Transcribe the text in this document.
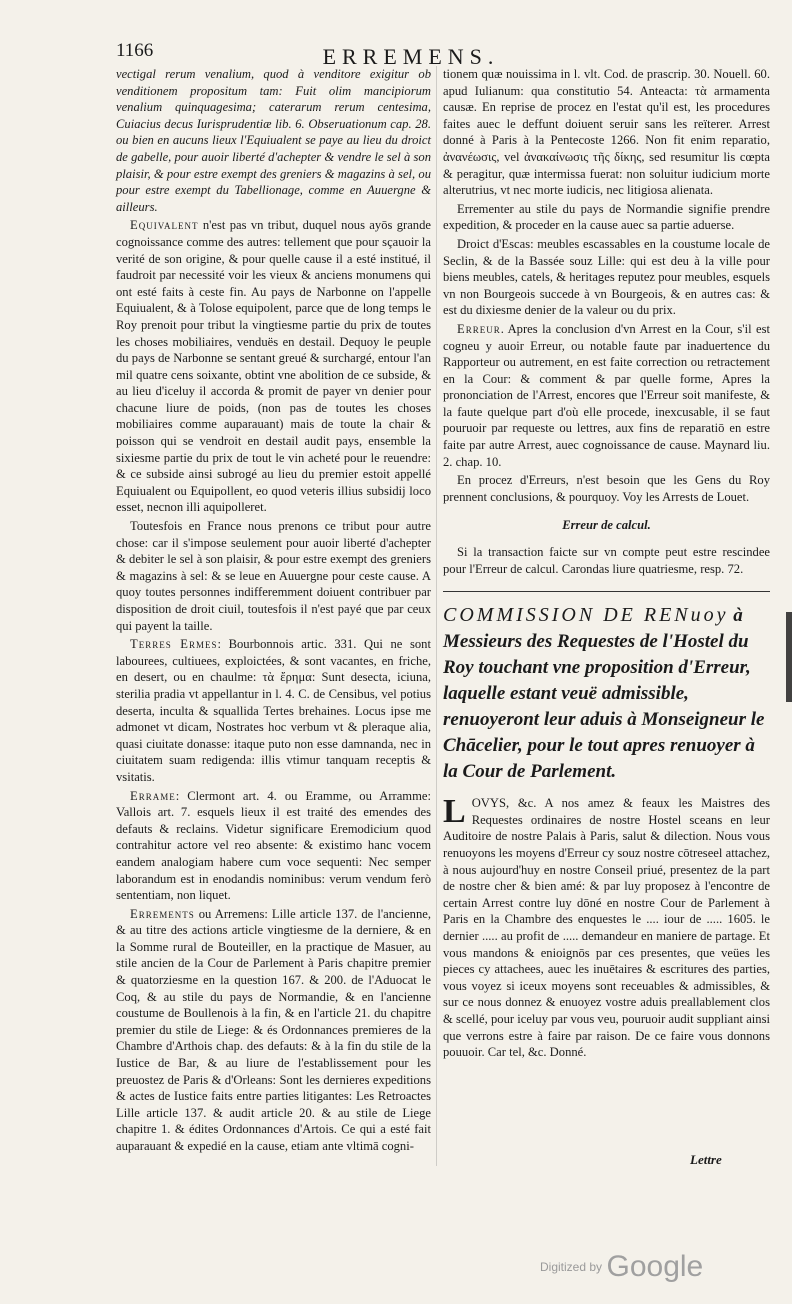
1166	ERREMENS.

vectigal rerum venalium, quod à venditore exigitur ob venditionem propositum tam: Fuit olim mancipiorum venalium quinquagesima; caterarum rerum centesima, Cuiacius decus Iurisprudentiæ lib. 6. Obseruationum cap. 28. ou bien en aucuns lieux l'Equiualent se paye au lieu du droict de gabelle, pour auoir liberté d'achepter & vendre le sel à son plaisir, & pour estre exempt des greniers & magazins à sel, ou pour estre exempt du Tabellionage, comme en Auuergne & ailleurs.

Equivalent n'est pas vn tribut, duquel nous ayōs grande cognoissance comme des autres: tellement que pour sçauoir la verité de son origine, & pour quelle cause il a esté institué, il faudroit par necessité voir les vieux & anciens monumens qui ont esté faits à ceste fin. Au pays de Narbonne on l'appelle Equiualent, & à Tolose equipolent, parce que de long temps le Roy prenoit pour tribut la vingtiesme partie du prix de toutes les choses mobiliaires, venduës en destail. Dequoy le peuple du pays de Narbonne se sentant greué & surchargé, entour l'an mil quatre cens soixante, obtint vne abolition de ce subside, & au lieu d'iceluy il accorda & promit de payer vn denier pour chacune liure de poids, (non pas de toutes les choses mobiliaires comme auparauant) mais de toute la chair & poisson qui se vendroit en destail audit pays, ensemble la sixiesme partie du prix de tout le vin acheté pour le reuendre: & ce subside ainsi subrogé au lieu du premier estoit appellé Equiualent ou Equipollent, eo quod veteris illius subsidij loco esset, necnon illi aquipolleret.

Toutesfois en France nous prenons ce tribut pour autre chose: car il s'impose seulement pour auoir liberté d'achepter & debiter le sel à son plaisir, & pour estre exempt des greniers & magazins à sel: & se leue en Auuergne pour ceste cause. A quoy toutes personnes indifferemment doiuent contribuer par disposition de droit ciuil, toutesfois il n'est payé que par ceux qui payent la taille.

Terres Ermes: Bourbonnois artic. 331. Qui ne sont labourees, cultiuees, exploictées, & sont vacantes, en friche, en desert, ou en chaulme: τὰ ἔρημα: Sunt desecta, iciuna, sterilia pradia vt appellantur in l. 4. C. de Censibus, vel potius deserta, inculta & squallida Tertes brehaines. Locus ipse me admonet vt dicam, Nostrates hoc verbum vt & pleraque alia, quasi ciuitate donasse: itaque puto non esse damnanda, nec in ciuitatem suam redigenda: illis vtimur tanquam receptis & vsitatis.

Errame: Clermont art. 4. ou Eramme, ou Arramme: Vallois art. 7. esquels lieux il est traité des emendes des defauts & reclains. Videtur significare Eremodicium quod contrahitur actore vel reo absente: & existimo hanc vocem eandem analogiam habere cum voce sequenti: Nec semper laborandum est in enodandis nominibus: verum vendum ferò sententiam, non liquet.

Errements ou Arremens: Lille article 137. de l'ancienne, & au titre des actions article vingtiesme de la derniere, & en la Somme rural de Bouteiller, en la practique de Masuer, au stile ancien de la Cour de Parlement à Paris chapitre premier & quatorziesme en la question 167. & 200. de l'Aduocat le Coq, & au stile du pays de Normandie, & en l'ancienne coustume de Boullenois à la fin, & en l'article 21. du chapitre premier du stile de Liege: & és Ordonnances premieres de la Chambre d'Arthois chap. des defauts: & à la fin du stile de la Iustice de Bar, & au liure de l'establissement pour les preuostez de Paris & d'Orleans: Sont les dernieres expeditions & actes de Iustice faits entre parties litigantes: Les Retroactes Lille article 137. & audit article 20. & au stile de Liege chapitre 1. & édites Ordonnances d'Artois. Ce qui a esté fait auparauant & expedié en la cause, etiam ante vltimā cogni-

tionem quæ nouissima in l. vlt. Cod. de prascrip. 30. Nouell. 60. apud Iulianum: qua constitutio 54. Anteacta: τὰ armamenta causæ. En reprise de procez en l'estat qu'il est, les procedures faites auec le deffunt doiuent seruir sans les reïterer. Arrest donné à Paris à la Pentecoste 1266. Non fit enim reparatio, ἀνανέωσις, vel ἀνακαίνωσις τῆς δίκης, sed resumitur lis cœpta & peragitur, quæ intermissa fuerat: non soluitur iudicium morte alterutrius, vt nec morte iudicis, nec litigiosa alienata.

Errementer au stile du pays de Normandie signifie prendre expedition, & proceder en la cause auec sa partie aduerse.

Droict d'Escas: meubles escassables en la coustume locale de Seclin, & de la Bassée souz Lille: qui est deu à la ville pour biens meubles, catels, & heritages reputez pour meubles, esquels vn non Bourgeois succede à vn Bourgeois, & en autres cas: & est du dixiesme denier de la valeur ou du prix.

Erreur. Apres la conclusion d'vn Arrest en la Cour, s'il est cogneu y auoir Erreur, ou notable faute par inaduertence du Rapporteur ou autrement, en est faite correction ou retractement en la Cour: & comment & par quelle forme, Apres la prononciation de l'Arrest, encores que l'Erreur soit manifeste, & la faute quelque part d'où elle procede, inexcusable, il se faut pouruoir par requeste ou lettres, aux fins de reparatiō en estre faite par autre Arrest, auec cognoissance de cause. Maynard liu. 2. chap. 10.

En procez d'Erreurs, n'est besoin que les Gens du Roy prennent conclusions, & pourquoy. Voy les Arrests de Louet.

Erreur de calcul.

Si la transaction faicte sur vn compte peut estre rescindee pour l'Erreur de calcul. Carondas liure quatriesme, resp. 72.

COMMISSION DE RENuoy à Messieurs des Requestes de l'Hostel du Roy touchant vne proposition d'Erreur, laquelle estant veuë admissible, renuoyeront leur aduis à Monseigneur le Chācelier, pour le tout apres renuoyer à la Cour de Parlement.

LOVYS, &c. A nos amez & feaux les Maistres des Requestes ordinaires de nostre Hostel sceans en leur Auditoire de nostre Palais à Paris, salut & dilection. Nous vous renuoyons les moyens d'Erreur cy souz nostre cōtreseel attachez, à nous aujourd'huy en nostre Conseil priué, presentez de la part de nostre cher & bien amé: & par luy proposez à l'encontre de certain Arrest contre luy dōné en nostre Cour de Parlement à Paris en la Chambre des enquestes le .... iour de ..... 1605. le dernier ..... au profit de ..... demandeur en maniere de partage. Et vous mandons & enioignōs par ces presentes, que veües les pieces cy attachees, auec les inuētaires & escritures des parties, vous voyez si iceux moyens sont receuables & admissibles, & sur ce nous donnez & enuoyez vostre aduis preallablement clos & scellé, pour iceluy par vous veu, pouruoir audit suppliant ainsi que verrons estre à faire par raison. De ce faire vous donnons pouuoir. Car tel, &c. Donné.

Lettre
Digitized by Google
